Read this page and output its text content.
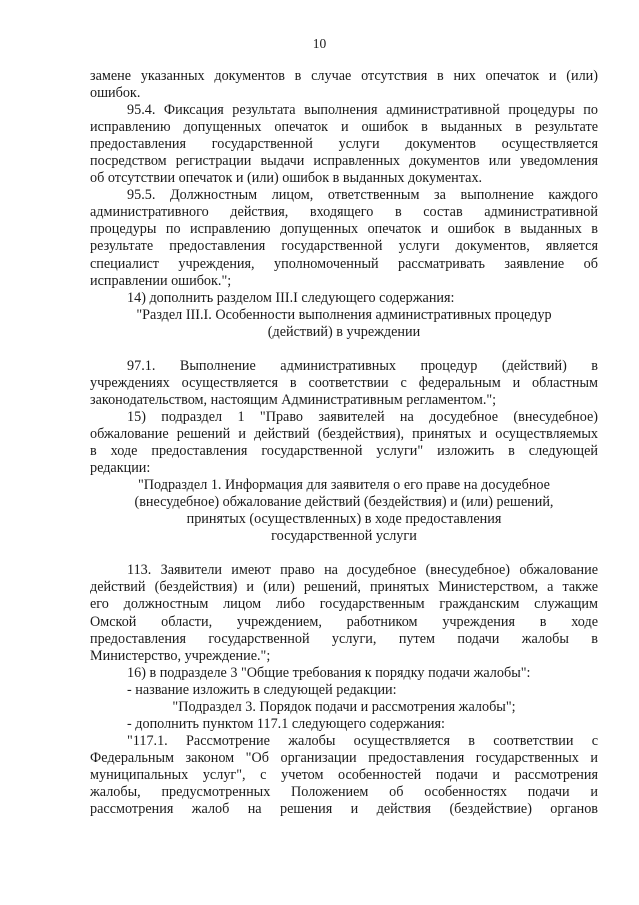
10
замене указанных документов в случае отсутствия в них опечаток и (или)
ошибок.
95.4. Фиксация результата выполнения административной процедуры по
исправлению допущенных опечаток и ошибок в выданных в результате
предоставления государственной услуги документов осуществляется
посредством регистрации выдачи исправленных документов или уведомления
об отсутствии опечаток и (или) ошибок в выданных документах.
95.5. Должностным лицом, ответственным за выполнение каждого
административного действия, входящего в состав административной
процедуры по исправлению допущенных опечаток и ошибок в выданных в
результате предоставления государственной услуги документов, является
специалист учреждения, уполномоченный рассматривать заявление об
исправлении ошибок.";
14) дополнить разделом III.I следующего содержания:
"Раздел III.I. Особенности выполнения административных процедур
(действий) в учреждении
97.1. Выполнение административных процедур (действий) в
учреждениях осуществляется в соответствии с федеральным и областным
законодательством, настоящим Административным регламентом.";
15) подраздел 1 "Право заявителей на досудебное (внесудебное)
обжалование решений и действий (бездействия), принятых и осуществляемых
в ходе предоставления государственной услуги" изложить в следующей
редакции:
"Подраздел 1. Информация для заявителя о его праве на досудебное
(внесудебное) обжалование действий (бездействия) и (или) решений,
принятых (осуществленных) в ходе предоставления
государственной услуги
113. Заявители имеют право на досудебное (внесудебное) обжалование
действий (бездействия) и (или) решений, принятых Министерством, а также
его должностным лицом либо государственным гражданским служащим
Омской области, учреждением, работником учреждения в ходе
предоставления государственной услуги, путем подачи жалобы в
Министерство, учреждение.";
16) в подразделе 3 "Общие требования к порядку подачи жалобы":
- название изложить в следующей редакции:
"Подраздел 3. Порядок подачи и рассмотрения жалобы";
- дополнить пунктом 117.1 следующего содержания:
"117.1. Рассмотрение жалобы осуществляется в соответствии с
Федеральным законом "Об организации предоставления государственных и
муниципальных услуг", с учетом особенностей подачи и рассмотрения
жалобы, предусмотренных Положением об особенностях подачи и
рассмотрения жалоб на решения и действия (бездействие) органов
